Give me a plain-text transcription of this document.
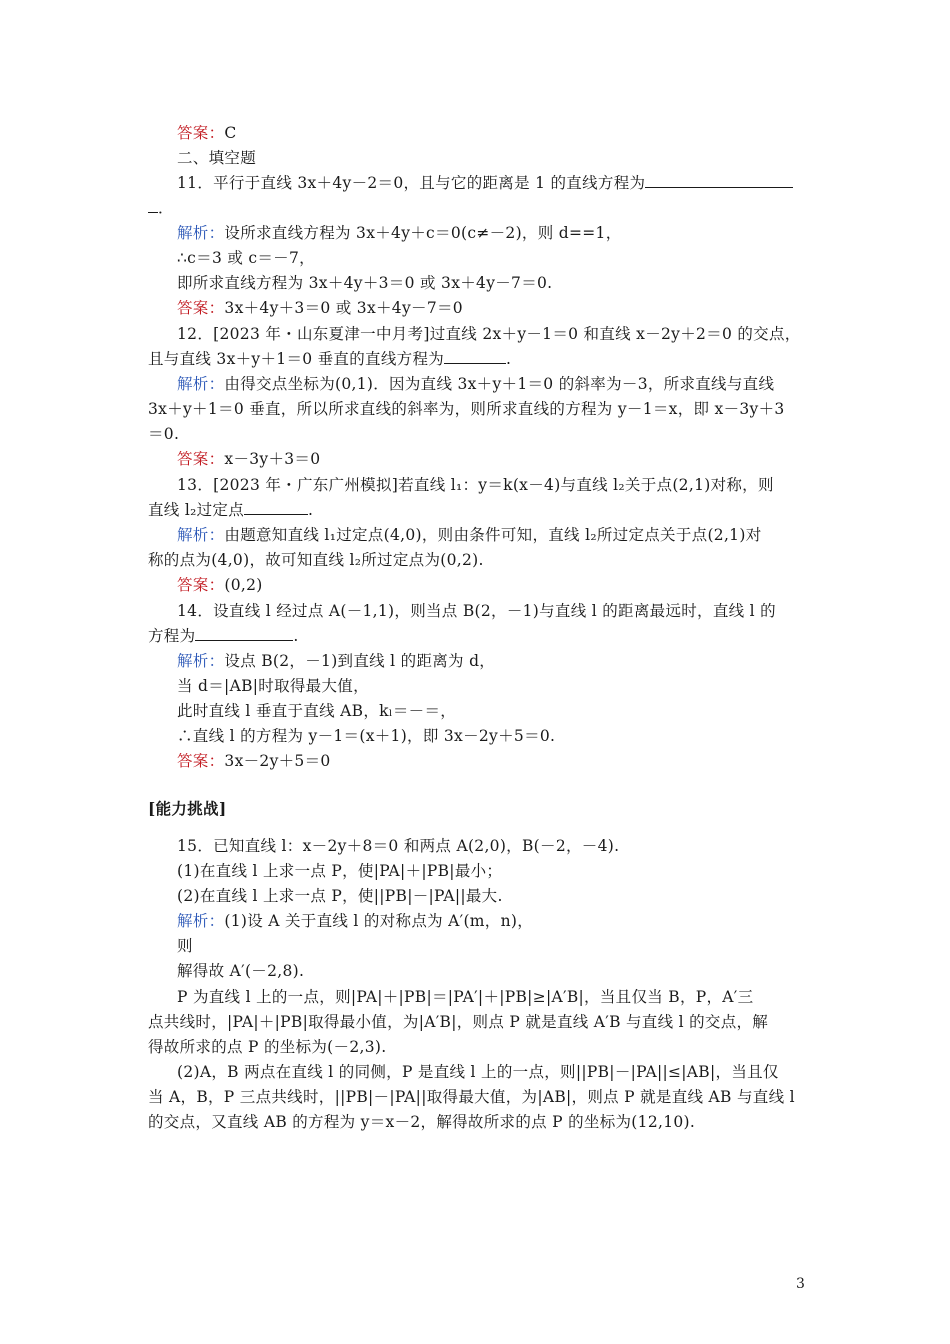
答案：C
二、填空题
11．平行于直线 3x＋4y－2＝0，且与它的距离是 1 的直线方程为
．
解析：设所求直线方程为 3x＋4y＋c＝0(c≠－2)，则 d==1，
∴c＝3 或 c＝－7，
即所求直线方程为 3x＋4y＋3＝0 或 3x＋4y－7＝0.
答案：3x＋4y＋3＝0 或 3x＋4y－7＝0
12．[2023 年・山东夏津一中月考]过直线 2x＋y－1＝0 和直线 x－2y＋2＝0 的交点，
且与直线 3x＋y＋1＝0 垂直的直线方程为	.
解析：由得交点坐标为(0,1)．因为直线 3x＋y＋1＝0 的斜率为－3，所求直线与直线
3x＋y＋1＝0 垂直，所以所求直线的斜率为，则所求直线的方程为 y－1＝x，即 x－3y＋3
＝0.
答案：x－3y＋3＝0
13．[2023 年・广东广州模拟]若直线 l₁：y＝k(x－4)与直线 l₂关于点(2,1)对称，则
直线 l₂过定点	.
解析：由题意知直线 l₁过定点(4,0)，则由条件可知，直线 l₂所过定点关于点(2,1)对
称的点为(4,0)，故可知直线 l₂所过定点为(0,2).
答案：(0,2)
14．设直线 l 经过点 A(－1,1)，则当点 B(2，－1)与直线 l 的距离最远时，直线 l 的
方程为	.
解析：设点 B(2，－1)到直线 l 的距离为 d，
当 d＝|AB|时取得最大值，
此时直线 l 垂直于直线 AB，kₗ＝－＝，
∴直线 l 的方程为 y－1＝(x＋1)，即 3x－2y＋5＝0.
答案：3x－2y＋5＝0
[能力挑战]
15．已知直线 l：x－2y＋8＝0 和两点 A(2,0)，B(－2，－4).
(1)在直线 l 上求一点 P，使|PA|＋|PB|最小；
(2)在直线 l 上求一点 P，使||PB|－|PA||最大.
解析：(1)设 A 关于直线 l 的对称点为 A′(m，n)，
则
解得故 A′(－2,8).
P 为直线 l 上的一点，则|PA|＋|PB|＝|PA′|＋|PB|≥|A′B|，当且仅当 B，P，A′三
点共线时，|PA|＋|PB|取得最小值，为|A′B|，则点 P 就是直线 A′B 与直线 l 的交点，解
得故所求的点 P 的坐标为(－2,3).
(2)A，B 两点在直线 l 的同侧，P 是直线 l 上的一点，则||PB|－|PA||≤|AB|，当且仅
当 A，B，P 三点共线时，||PB|－|PA||取得最大值，为|AB|，则点 P 就是直线 AB 与直线 l
的交点，又直线 AB 的方程为 y＝x－2，解得故所求的点 P 的坐标为(12,10).
3
